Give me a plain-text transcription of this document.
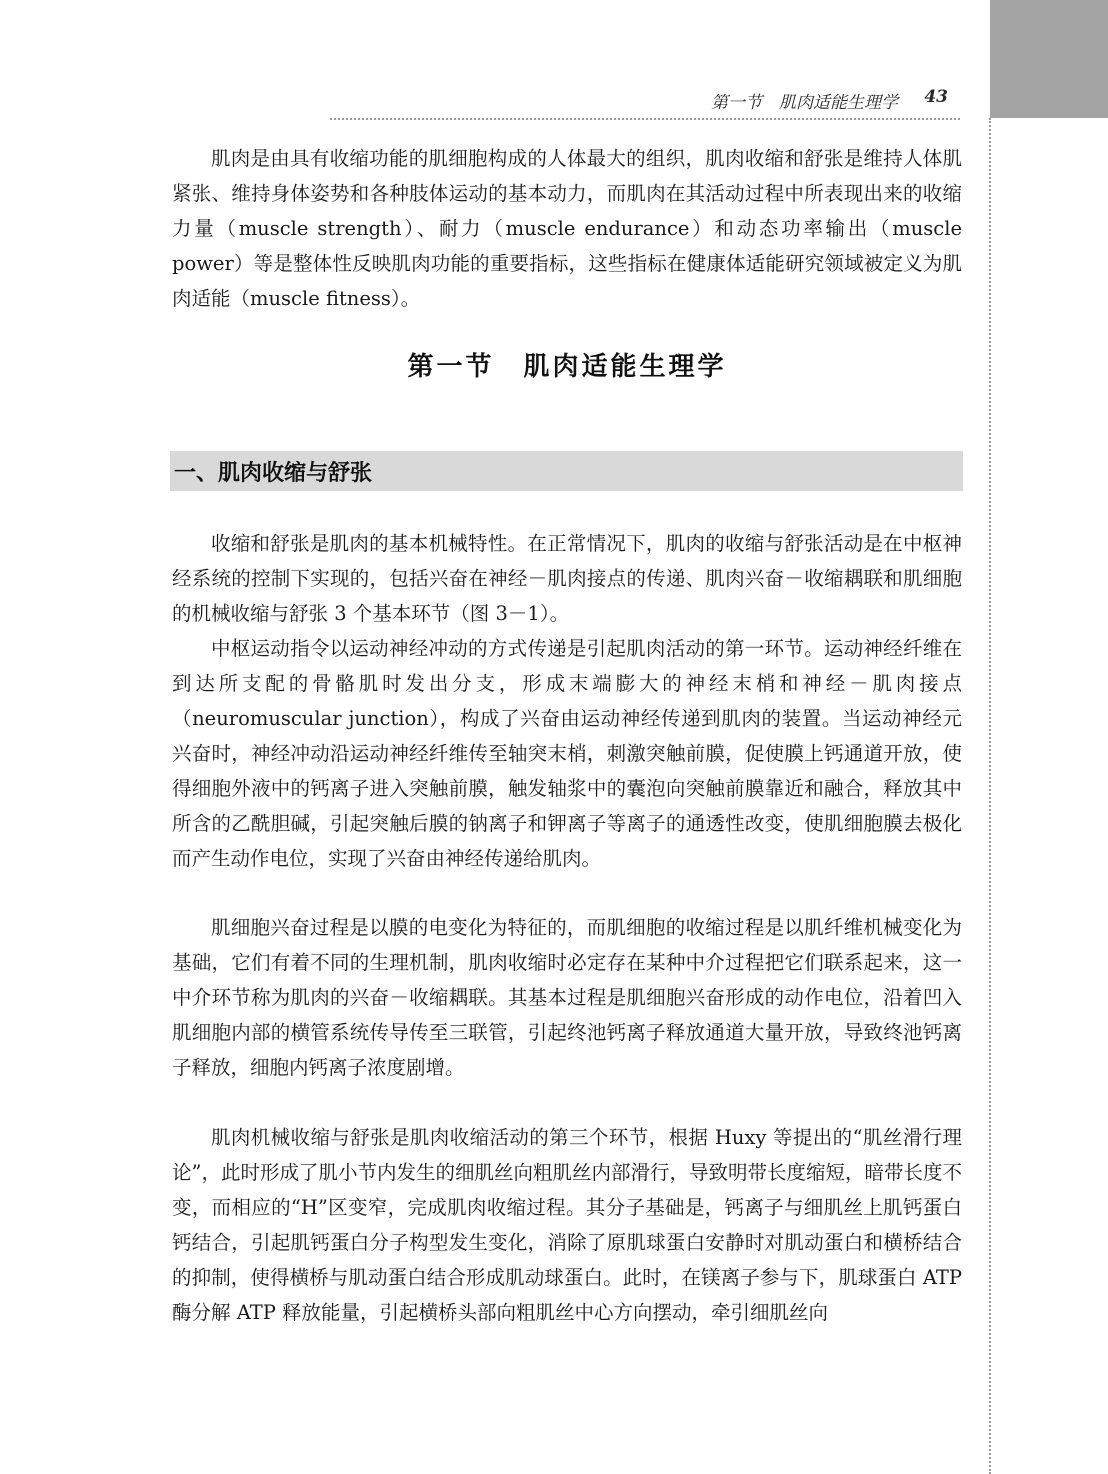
第一节　肌肉适能生理学 43

肌肉是由具有收缩功能的肌细胞构成的人体最大的组织，肌肉收缩和舒张是维持人体肌紧张、维持身体姿势和各种肢体运动的基本动力，而肌肉在其活动过程中所表现出来的收缩力量（muscle strength）、耐力（muscle endurance）和动态功率输出（muscle power）等是整体性反映肌肉功能的重要指标，这些指标在健康体适能研究领域被定义为肌肉适能（muscle fitness）。

第一节　肌肉适能生理学
一、肌肉收缩与舒张

收缩和舒张是肌肉的基本机械特性。在正常情况下，肌肉的收缩与舒张活动是在中枢神经系统的控制下实现的，包括兴奋在神经－肌肉接点的传递、肌肉兴奋－收缩耦联和肌细胞的机械收缩与舒张 3 个基本环节（图 3－1）。

中枢运动指令以运动神经冲动的方式传递是引起肌肉活动的第一环节。运动神经纤维在到达所支配的骨骼肌时发出分支，形成末端膨大的神经末梢和神经－肌肉接点（neuromuscular junction），构成了兴奋由运动神经传递到肌肉的装置。当运动神经元兴奋时，神经冲动沿运动神经纤维传至轴突末梢，刺激突触前膜，促使膜上钙通道开放，使得细胞外液中的钙离子进入突触前膜，触发轴浆中的囊泡向突触前膜靠近和融合，释放其中所含的乙酰胆碱，引起突触后膜的钠离子和钾离子等离子的通透性改变，使肌细胞膜去极化而产生动作电位，实现了兴奋由神经传递给肌肉。

肌细胞兴奋过程是以膜的电变化为特征的，而肌细胞的收缩过程是以肌纤维机械变化为基础，它们有着不同的生理机制，肌肉收缩时必定存在某种中介过程把它们联系起来，这一中介环节称为肌肉的兴奋－收缩耦联。其基本过程是肌细胞兴奋形成的动作电位，沿着凹入肌细胞内部的横管系统传导传至三联管，引起终池钙离子释放通道大量开放，导致终池钙离子释放，细胞内钙离子浓度剧增。

肌肉机械收缩与舒张是肌肉收缩活动的第三个环节，根据 Huxy 等提出的“肌丝滑行理论”，此时形成了肌小节内发生的细肌丝向粗肌丝内部滑行，导致明带长度缩短，暗带长度不变，而相应的“H”区变窄，完成肌肉收缩过程。其分子基础是，钙离子与细肌丝上肌钙蛋白钙结合，引起肌钙蛋白分子构型发生变化，消除了原肌球蛋白安静时对肌动蛋白和横桥结合的抑制，使得横桥与肌动蛋白结合形成肌动球蛋白。此时，在镁离子参与下，肌球蛋白 ATP 酶分解 ATP 释放能量，引起横桥头部向粗肌丝中心方向摆动，牵引细肌丝向
